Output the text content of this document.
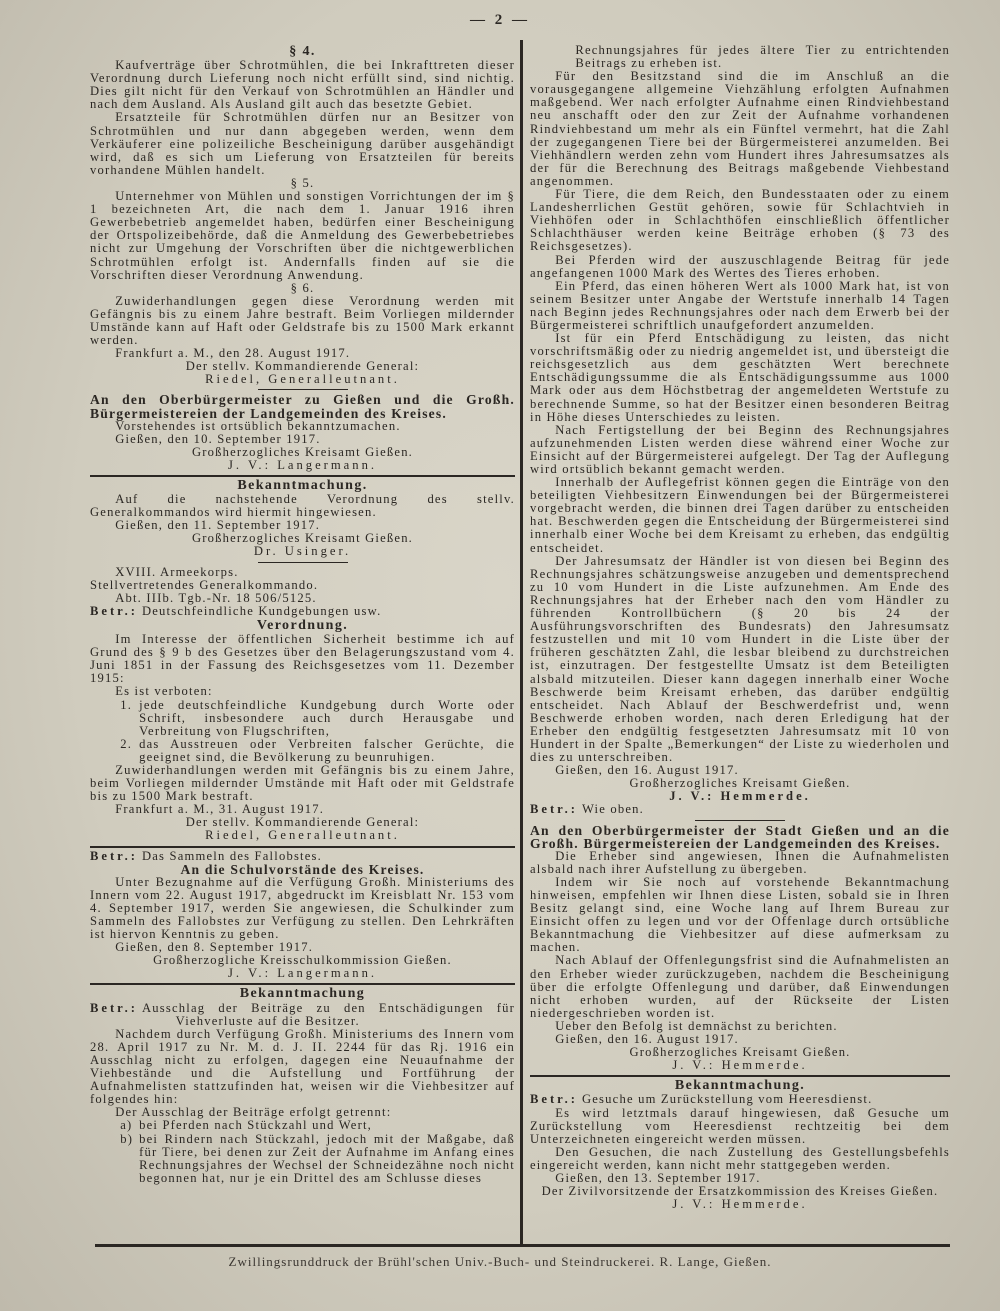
— 2 —
§ 4.
Kaufverträge über Schrotmühlen, die bei Inkrafttreten dieser Verordnung durch Lieferung noch nicht erfüllt sind, sind nichtig. Dies gilt nicht für den Verkauf von Schrotmühlen an Händler und nach dem Ausland. Als Ausland gilt auch das besetzte Gebiet.
Ersatzteile für Schrotmühlen dürfen nur an Besitzer von Schrotmühlen und nur dann abgegeben werden, wenn dem Verkäuferer eine polizeiliche Bescheinigung darüber ausgehändigt wird, daß es sich um Lieferung von Ersatzteilen für bereits vorhandene Mühlen handelt.
§ 5.
Unternehmer von Mühlen und sonstigen Vorrichtungen der im § 1 bezeichneten Art, die nach dem 1. Januar 1916 ihren Gewerbebetrieb angemeldet haben, bedürfen einer Bescheinigung der Ortspolizeibehörde, daß die Anmeldung des Gewerbebetriebes nicht zur Umgehung der Vorschriften über die nichtgewerblichen Schrotmühlen erfolgt ist. Andernfalls finden auf sie die Vorschriften dieser Verordnung Anwendung.
§ 6.
Zuwiderhandlungen gegen diese Verordnung werden mit Gefängnis bis zu einem Jahre bestraft. Beim Vorliegen mildernder Umstände kann auf Haft oder Geldstrafe bis zu 1500 Mark erkannt werden.
Frankfurt a. M., den 28. August 1917.
Der stellv. Kommandierende General:
Riedel, Generalleutnant.
An den Oberbürgermeister zu Gießen und die Großh. Bürgermeistereien der Landgemeinden des Kreises.
Vorstehendes ist ortsüblich bekanntzumachen.
Gießen, den 10. September 1917.
Großherzogliches Kreisamt Gießen.
J. V.: Langermann.
Bekanntmachung.
Auf die nachstehende Verordnung des stellv. Generalkommandos wird hiermit hingewiesen.
Gießen, den 11. September 1917.
Großherzogliches Kreisamt Gießen.
Dr. Usinger.
XVIII. Armeekorps.
Stellvertretendes Generalkommando.
Abt. IIIb. Tgb.-Nr. 18 506/5125.
Betr.: Deutschfeindliche Kundgebungen usw.
Verordnung.
Im Interesse der öffentlichen Sicherheit bestimme ich auf Grund des § 9 b des Gesetzes über den Belagerungszustand vom 4. Juni 1851 in der Fassung des Reichsgesetzes vom 11. Dezember 1915:
Es ist verboten:
1. jede deutschfeindliche Kundgebung durch Worte oder Schrift, insbesondere auch durch Herausgabe und Verbreitung von Flugschriften,
2. das Ausstreuen oder Verbreiten falscher Gerüchte, die geeignet sind, die Bevölkerung zu beunruhigen.
Zuwiderhandlungen werden mit Gefängnis bis zu einem Jahre, beim Vorliegen mildernder Umstände mit Haft oder mit Geldstrafe bis zu 1500 Mark bestraft.
Frankfurt a. M., 31. August 1917.
Der stellv. Kommandierende General:
Riedel, Generalleutnant.
Betr.: Das Sammeln des Fallobstes.
An die Schulvorstände des Kreises.
Unter Bezugnahme auf die Verfügung Großh. Ministeriums des Innern vom 22. August 1917, abgedruckt im Kreisblatt Nr. 153 vom 4. September 1917, werden Sie angewiesen, die Schulkinder zum Sammeln des Fallobstes zur Verfügung zu stellen. Den Lehrkräften ist hiervon Kenntnis zu geben.
Gießen, den 8. September 1917.
Großherzogliche Kreisschulkommission Gießen.
J. V.: Langermann.
Bekanntmachung
Betr.: Ausschlag der Beiträge zu den Entschädigungen für Viehverluste auf die Besitzer.
Nachdem durch Verfügung Großh. Ministeriums des Innern vom 28. April 1917 zu Nr. M. d. J. II. 2244 für das Rj. 1916 ein Ausschlag nicht zu erfolgen, dagegen eine Neuaufnahme der Viehbestände und die Aufstellung und Fortführung der Aufnahmelisten stattzufinden hat, weisen wir die Viehbesitzer auf folgendes hin:
Der Ausschlag der Beiträge erfolgt getrennt:
a) bei Pferden nach Stückzahl und Wert,
b) bei Rindern nach Stückzahl, jedoch mit der Maßgabe, daß für Tiere, bei denen zur Zeit der Aufnahme im Anfang eines Rechnungsjahres der Wechsel der Schneidezähne noch nicht begonnen hat, nur je ein Drittel des am Schlusse dieses
Rechnungsjahres für jedes ältere Tier zu entrichtenden Beitrags zu erheben ist.
Für den Besitzstand sind die im Anschluß an die vorausgegangene allgemeine Viehzählung erfolgten Aufnahmen maßgebend. Wer nach erfolgter Aufnahme einen Rindviehbestand neu anschafft oder den zur Zeit der Aufnahme vorhandenen Rindviehbestand um mehr als ein Fünftel vermehrt, hat die Zahl der zugegangenen Tiere bei der Bürgermeisterei anzumelden. Bei Viehhändlern werden zehn vom Hundert ihres Jahresumsatzes als der für die Berechnung des Beitrags maßgebende Viehbestand angenommen.
Für Tiere, die dem Reich, den Bundesstaaten oder zu einem Landesherrlichen Gestüt gehören, sowie für Schlachtvieh in Viehhöfen oder in Schlachthöfen einschließlich öffentlicher Schlachthäuser werden keine Beiträge erhoben (§ 73 des Reichsgesetzes).
Bei Pferden wird der auszuschlagende Beitrag für jede angefangenen 1000 Mark des Wertes des Tieres erhoben.
Ein Pferd, das einen höheren Wert als 1000 Mark hat, ist von seinem Besitzer unter Angabe der Wertstufe innerhalb 14 Tagen nach Beginn jedes Rechnungsjahres oder nach dem Erwerb bei der Bürgermeisterei schriftlich unaufgefordert anzumelden.
Ist für ein Pferd Entschädigung zu leisten, das nicht vorschriftsmäßig oder zu niedrig angemeldet ist, und übersteigt die reichsgesetzlich aus dem geschätzten Wert berechnete Entschädigungssumme die als Entschädigungssumme aus 1000 Mark oder aus dem Höchstbetrag der angemeldeten Wertstufe zu berechnende Summe, so hat der Besitzer einen besonderen Beitrag in Höhe dieses Unterschiedes zu leisten.
Nach Fertigstellung der bei Beginn des Rechnungsjahres aufzunehmenden Listen werden diese während einer Woche zur Einsicht auf der Bürgermeisterei aufgelegt. Der Tag der Auflegung wird ortsüblich bekannt gemacht werden.
Innerhalb der Auflegefrist können gegen die Einträge von den beteiligten Viehbesitzern Einwendungen bei der Bürgermeisterei vorgebracht werden, die binnen drei Tagen darüber zu entscheiden hat. Beschwerden gegen die Entscheidung der Bürgermeisterei sind innerhalb einer Woche bei dem Kreisamt zu erheben, das endgültig entscheidet.
Der Jahresumsatz der Händler ist von diesen bei Beginn des Rechnungsjahres schätzungsweise anzugeben und dementsprechend zu 10 vom Hundert in die Liste aufzunehmen. Am Ende des Rechnungsjahres hat der Erheber nach den vom Händler zu führenden Kontrollbüchern (§ 20 bis 24 der Ausführungsvorschriften des Bundesrats) den Jahresumsatz festzustellen und mit 10 vom Hundert in die Liste über der früheren geschätzten Zahl, die lesbar bleibend zu durchstreichen ist, einzutragen. Der festgestellte Umsatz ist dem Beteiligten alsbald mitzuteilen. Dieser kann dagegen innerhalb einer Woche Beschwerde beim Kreisamt erheben, das darüber endgültig entscheidet. Nach Ablauf der Beschwerdefrist und, wenn Beschwerde erhoben worden, nach deren Erledigung hat der Erheber den endgültig festgesetzten Jahresumsatz mit 10 von Hundert in der Spalte „Bemerkungen“ der Liste zu wiederholen und dies zu unterschreiben.
Gießen, den 16. August 1917.
Großherzogliches Kreisamt Gießen.
J. V.: Hemmerde.
Betr.: Wie oben.
An den Oberbürgermeister der Stadt Gießen und an die Großh. Bürgermeistereien der Landgemeinden des Kreises.
Die Erheber sind angewiesen, Ihnen die Aufnahmelisten alsbald nach ihrer Aufstellung zu übergeben.
Indem wir Sie noch auf vorstehende Bekanntmachung hinweisen, empfehlen wir Ihnen diese Listen, sobald sie in Ihren Besitz gelangt sind, eine Woche lang auf Ihrem Bureau zur Einsicht offen zu legen und vor der Offenlage durch ortsübliche Bekanntmachung die Viehbesitzer auf diese aufmerksam zu machen.
Nach Ablauf der Offenlegungsfrist sind die Aufnahmelisten an den Erheber wieder zurückzugeben, nachdem die Bescheinigung über die erfolgte Offenlegung und darüber, daß Einwendungen nicht erhoben wurden, auf der Rückseite der Listen niedergeschrieben worden ist.
Ueber den Befolg ist demnächst zu berichten.
Gießen, den 16. August 1917.
Großherzogliches Kreisamt Gießen.
J. V.: Hemmerde.
Bekanntmachung.
Betr.: Gesuche um Zurückstellung vom Heeresdienst.
Es wird letztmals darauf hingewiesen, daß Gesuche um Zurückstellung vom Heeresdienst rechtzeitig bei dem Unterzeichneten eingereicht werden müssen.
Den Gesuchen, die nach Zustellung des Gestellungsbefehls eingereicht werden, kann nicht mehr stattgegeben werden.
Gießen, den 13. September 1917.
Der Zivilvorsitzende der Ersatzkommission des Kreises Gießen.
J. V.: Hemmerde.
Zwillingsrunddruck der Brühl'schen Univ.-Buch- und Steindruckerei. R. Lange, Gießen.
